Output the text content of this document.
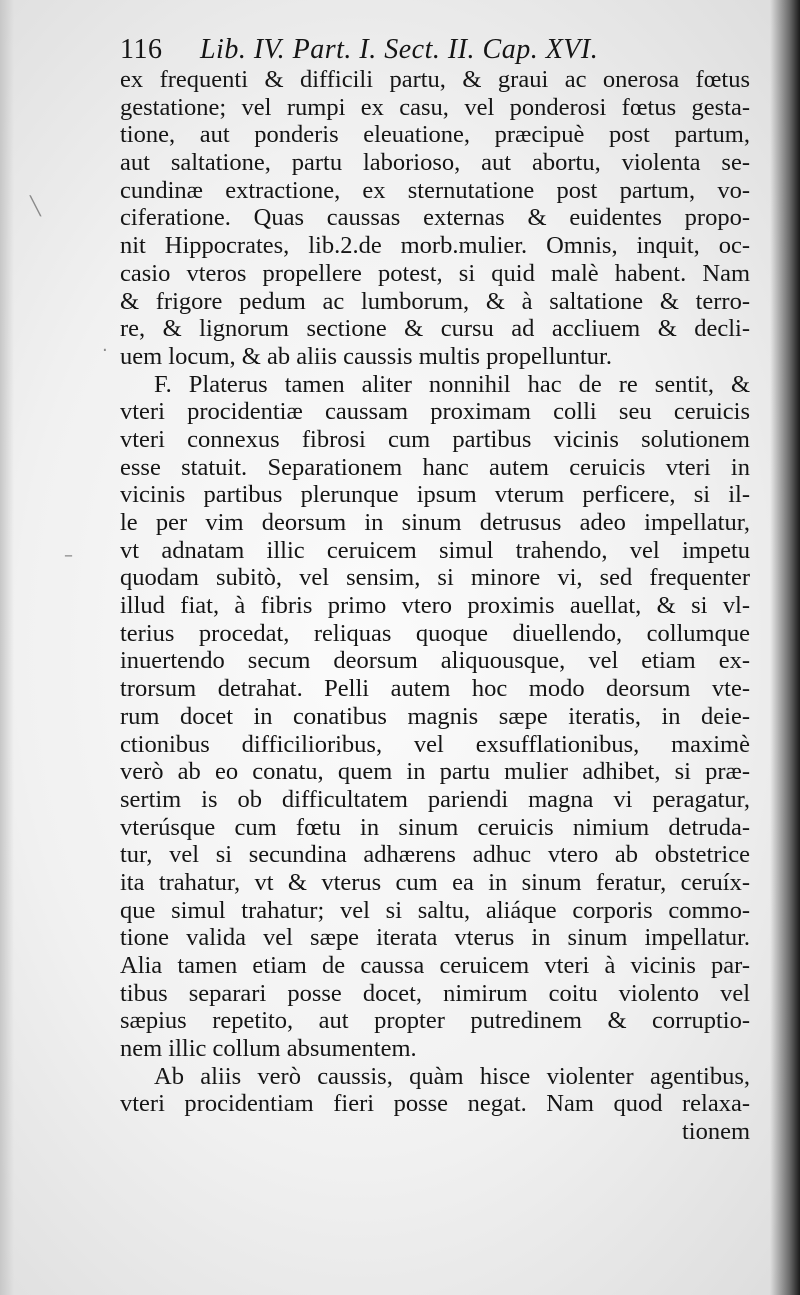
116 Lib. IV. Part. I. Sect. II. Cap. XVI.
ex frequenti & difficili partu, & graui ac onerosa fœtus
gestatione; vel rumpi ex casu, vel ponderosi fœtus gesta-
tione, aut ponderis eleuatione, præcipuè post partum,
aut saltatione, partu laborioso, aut abortu, violenta se-
cundinæ extractione, ex sternutatione post partum, vo-
ciferatione. Quas caussas externas & euidentes propo-
nit Hippocrates, lib.2.de morb.mulier. Omnis, inquit, oc-
casio vteros propellere potest, si quid malè habent. Nam
& frigore pedum ac lumborum, & à saltatione & terro-
re, & lignorum sectione & cursu ad accliuem & decli-
uem locum, & ab aliis caussis multis propelluntur.
F. Platerus tamen aliter nonnihil hac de re sentit, &
vteri procidentiæ caussam proximam colli seu ceruicis
vteri connexus fibrosi cum partibus vicinis solutionem
esse statuit. Separationem hanc autem ceruicis vteri in
vicinis partibus plerunque ipsum vterum perficere, si il-
le per vim deorsum in sinum detrusus adeo impellatur,
vt adnatam illic ceruicem simul trahendo, vel impetu
quodam subitò, vel sensim, si minore vi, sed frequenter
illud fiat, à fibris primo vtero proximis auellat, & si vl-
terius procedat, reliquas quoque diuellendo, collumque
inuertendo secum deorsum aliquousque, vel etiam ex-
trorsum detrahat. Pelli autem hoc modo deorsum vte-
rum docet in conatibus magnis sæpe iteratis, in deie-
ctionibus difficilioribus, vel exsufflationibus, maximè
verò ab eo conatu, quem in partu mulier adhibet, si præ-
sertim is ob difficultatem pariendi magna vi peragatur,
vterúsque cum fœtu in sinum ceruicis nimium detruda-
tur, vel si secundina adhærens adhuc vtero ab obstetrice
ita trahatur, vt & vterus cum ea in sinum feratur, ceruíx-
que simul trahatur; vel si saltu, aliáque corporis commo-
tione valida vel sæpe iterata vterus in sinum impellatur.
Alia tamen etiam de caussa ceruicem vteri à vicinis par-
tibus separari posse docet, nimirum coitu violento vel
sæpius repetito, aut propter putredinem & corruptio-
nem illic collum absumentem.
Ab aliis verò caussis, quàm hisce violenter agentibus,
vteri procidentiam fieri posse negat. Nam quod relaxa-
tionem
╲
–
·
